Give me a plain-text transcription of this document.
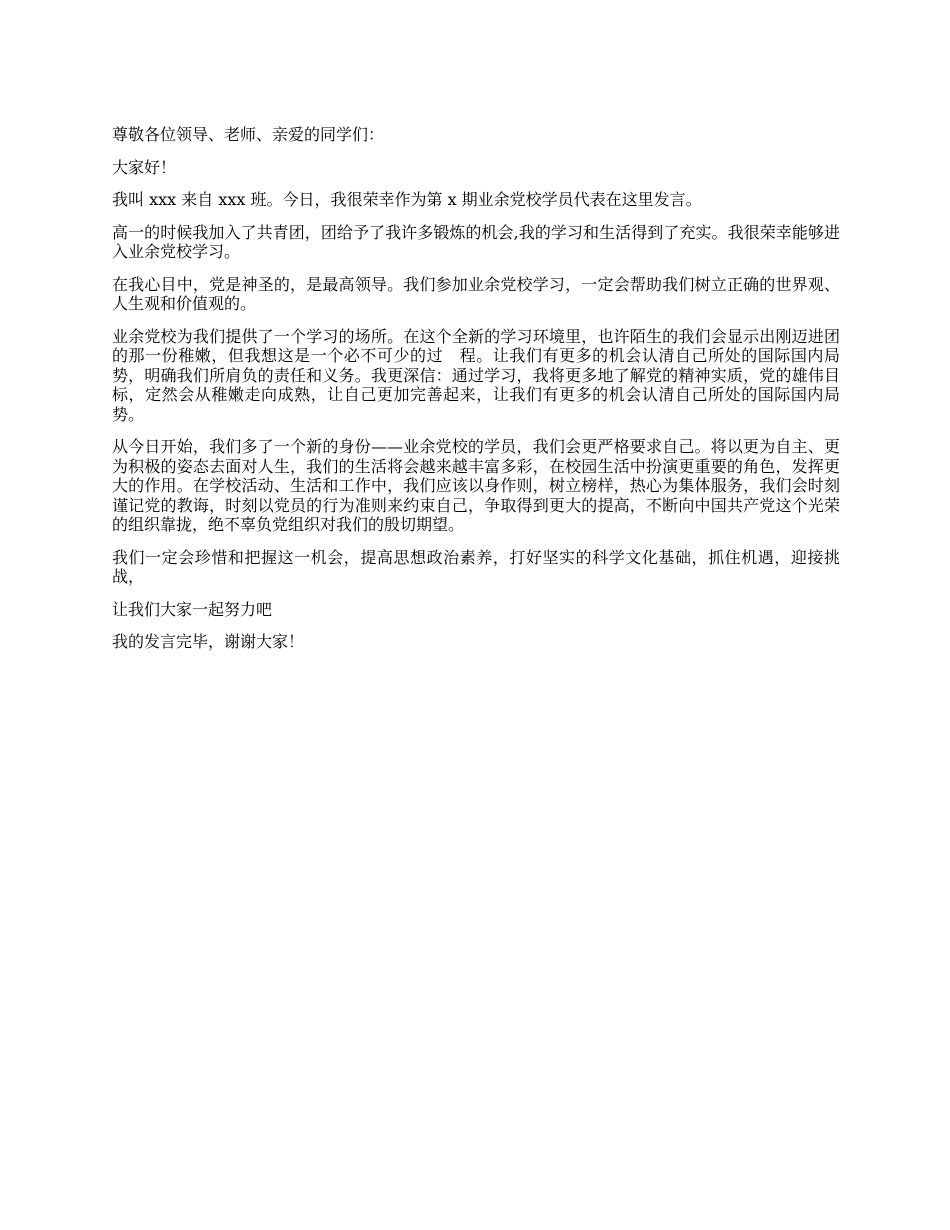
尊敬各位领导、老师、亲爱的同学们：

大家好！

我叫 xxx 来自 xxx 班。今日，我很荣幸作为第 x 期业余党校学员代表在这里发言。

高一的时候我加入了共青团，团给予了我许多锻炼的机会,我的学习和生活得到了充实。我很荣幸能够进入业余党校学习。

在我心目中，党是神圣的，是最高领导。我们参加业余党校学习，一定会帮助我们树立正确的世界观、人生观和价值观的。

业余党校为我们提供了一个学习的场所。在这个全新的学习环境里，也许陌生的我们会显示出刚迈进团的那一份稚嫩，但我想这是一个必不可少的过　程。让我们有更多的机会认清自己所处的国际国内局势，明确我们所肩负的责任和义务。我更深信：通过学习，我将更多地了解党的精神实质，党的雄伟目标，定然会从稚嫩走向成熟，让自己更加完善起来，让我们有更多的机会认清自己所处的国际国内局势。

从今日开始，我们多了一个新的身份——业余党校的学员，我们会更严格要求自己。将以更为自主、更为积极的姿态去面对人生，我们的生活将会越来越丰富多彩，在校园生活中扮演更重要的角色，发挥更大的作用。在学校活动、生活和工作中，我们应该以身作则，树立榜样，热心为集体服务，我们会时刻谨记党的教诲，时刻以党员的行为准则来约束自己，争取得到更大的提高，不断向中国共产党这个光荣的组织靠拢，绝不辜负党组织对我们的殷切期望。

我们一定会珍惜和把握这一机会，提高思想政治素养，打好坚实的科学文化基础，抓住机遇，迎接挑战，

让我们大家一起努力吧

我的发言完毕，谢谢大家！
